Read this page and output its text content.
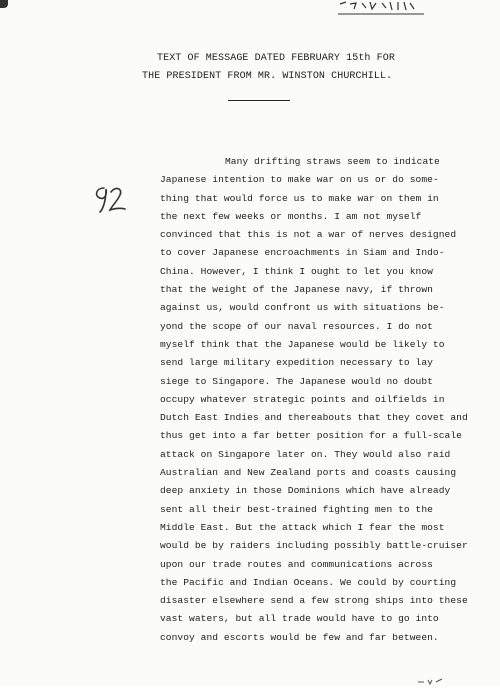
TEXT OF MESSAGE DATED FEBRUARY 15th FOR
THE PRESIDENT FROM MR. WINSTON CHURCHILL.
Many drifting straws seem to indicate
Japanese intention to make war on us or do some-
thing that would force us to make war on them in
the next few weeks or months. I am not myself
convinced that this is not a war of nerves designed
to cover Japanese encroachments in Siam and Indo-
China. However, I think I ought to let you know
that the weight of the Japanese navy, if thrown
against us, would confront us with situations be-
yond the scope of our naval resources. I do not
myself think that the Japanese would be likely to
send large military expedition necessary to lay
siege to Singapore. The Japanese would no doubt
occupy whatever strategic points and oilfields in
Dutch East Indies and thereabouts that they covet and
thus get into a far better position for a full-scale
attack on Singapore later on. They would also raid
Australian and New Zealand ports and coasts causing
deep anxiety in those Dominions which have already
sent all their best-trained fighting men to the
Middle East. But the attack which I fear the most
would be by raiders including possibly battle-cruiser
upon our trade routes and communications across
the Pacific and Indian Oceans. We could by courting
disaster elsewhere send a few strong ships into these
vast waters, but all trade would have to go into
convoy and escorts would be few and far between.
